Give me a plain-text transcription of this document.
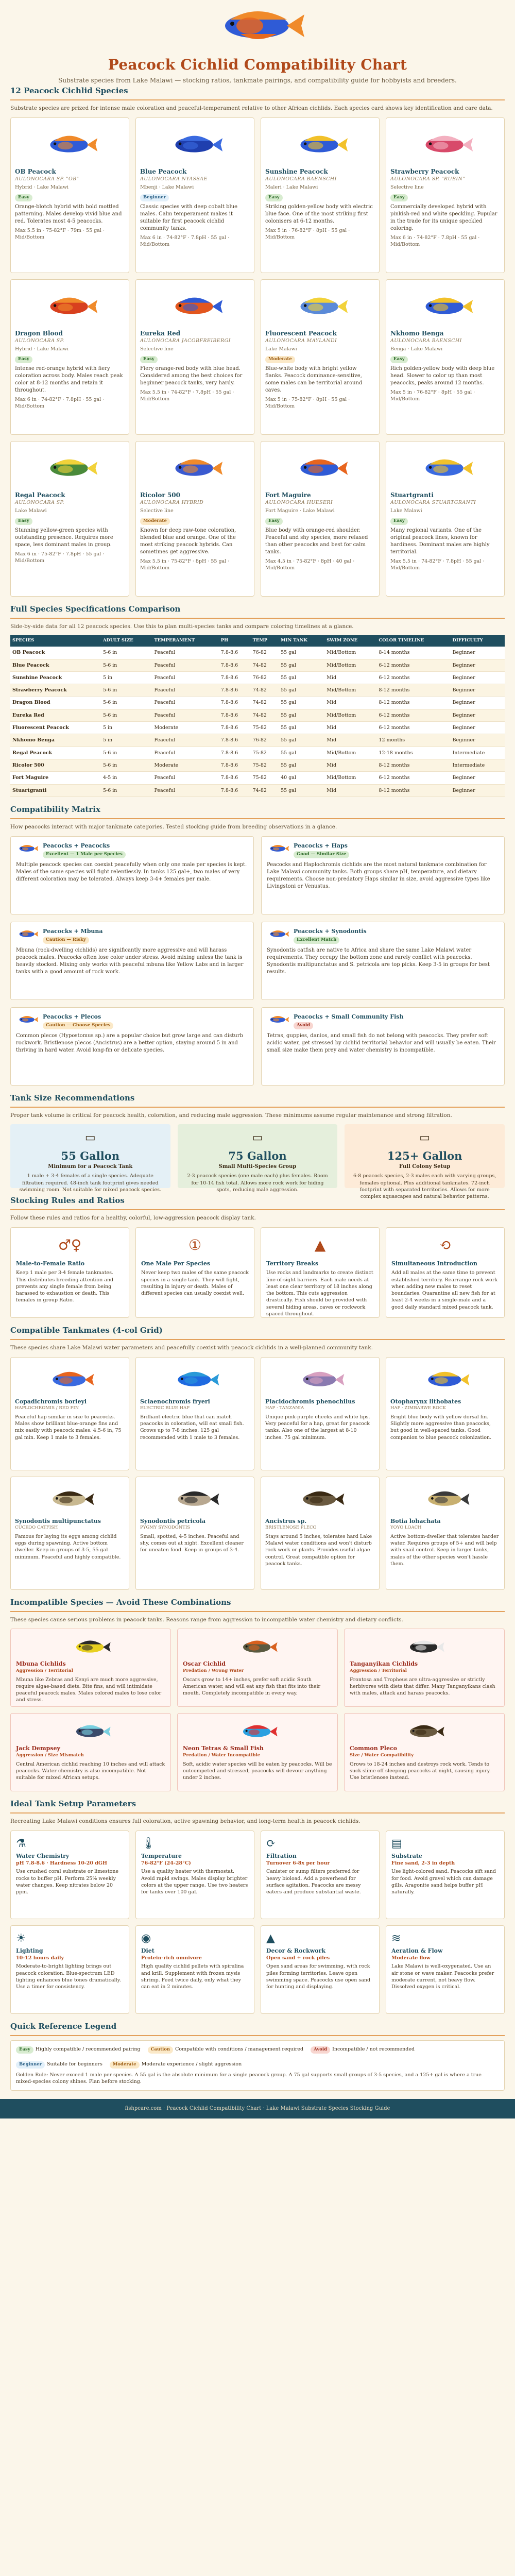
Peacock Cichlid Compatibility Chart

Substrate species from Lake Malawi — stocking ratios, tankmate pairings, and compatibility guide for hobbyists and breeders.

12 Peacock Cichlid Species

Substrate species are prized for intense male coloration and peaceful-temperament relative to other African cichlids. Each species card shows key identification and care data.

OB Peacock
AULONOCARA SP. "OB"
Hybrid · Lake Malawi
Easy

Orange-blotch hybrid with bold mottled patterning. Males develop vivid blue and red. Tolerates most 4-5 peacocks.

Max 5.5 in · 75-82°F · 79m · 55 gal · Mid/Bottom

Blue Peacock
AULONOCARA NYASSAE
Mbenji · Lake Malawi
Beginner

Classic species with deep cobalt blue males. Calm temperament makes it suitable for first peacock cichlid community tanks.

Max 6 in · 74-82°F · 7.8pH · 55 gal · Mid/Bottom

Sunshine Peacock
AULONOCARA BAENSCHI
Maleri · Lake Malawi
Easy

Striking golden-yellow body with electric blue face. One of the most striking first colonisers at 6-12 months.

Max 5 in · 76-82°F · 8pH · 55 gal · Mid/Bottom

Strawberry Peacock
AULONOCARA SP. "RUBIN"
Selective line
Easy

Commercially developed hybrid with pinkish-red and white speckling. Popular in the trade for its unique speckled coloring.

Max 6 in · 74-82°F · 7.8pH · 55 gal · Mid/Bottom

Dragon Blood
AULONOCARA SP.
Hybrid · Lake Malawi
Easy

Intense red-orange hybrid with fiery coloration across body. Males reach peak color at 8-12 months and retain it throughout.

Max 6 in · 74-82°F · 7.8pH · 55 gal · Mid/Bottom

Eureka Red
AULONOCARA JACOBFREIBERGI
Selective line
Easy

Fiery orange-red body with blue head. Considered among the best choices for beginner peacock tanks, very hardy.

Max 5.5 in · 74-82°F · 7.8pH · 55 gal · Mid/Bottom

Fluorescent Peacock
AULONOCARA MAYLANDI
Lake Malawi
Moderate

Blue-white body with bright yellow flanks. Peacock dominance-sensitive, some males can be territorial around caves.

Max 5 in · 75-82°F · 8pH · 55 gal · Mid/Bottom

Nkhomo Benga
AULONOCARA BAENSCHI
Benga · Lake Malawi
Easy

Rich golden-yellow body with deep blue head. Slower to color up than most peacocks, peaks around 12 months.

Max 5 in · 76-82°F · 8pH · 55 gal · Mid/Bottom

Regal Peacock
AULONOCARA SP.
Lake Malawi
Easy

Stunning yellow-green species with outstanding presence. Requires more space, less dominant males in group.

Max 6 in · 75-82°F · 7.8pH · 55 gal · Mid/Bottom

Ricolor 500
AULONOCARA HYBRID
Selective line
Moderate

Known for deep raw-tone coloration, blended blue and orange. One of the most striking peacock hybrids. Can sometimes get aggressive.

Max 5.5 in · 75-82°F · 8pH · 55 gal · Mid/Bottom

Fort Maguire
AULONOCARA HUESERI
Fort Maguire · Lake Malawi
Easy

Blue body with orange-red shoulder. Peaceful and shy species, more relaxed than other peacocks and best for calm tanks.

Max 4.5 in · 75-82°F · 8pH · 40 gal · Mid/Bottom

Stuartgranti
AULONOCARA STUARTGRANTI
Lake Malawi
Easy

Many regional variants. One of the original peacock lines, known for hardiness. Dominant males are highly territorial.

Max 5.5 in · 74-82°F · 7.8pH · 55 gal · Mid/Bottom

Full Species Specifications Comparison

Side-by-side data for all 12 peacock species. Use this to plan multi-species tanks and compare coloring timelines at a glance.

SPECIES	ADULT SIZE	TEMPERAMENT	PH	TEMP	MIN TANK	SWIM ZONE	COLOR TIMELINE	DIFFICULTY
OB Peacock	5-6 in	Peaceful	7.8-8.6	76-82	55 gal	Mid/Bottom	8-14 months	Beginner
Blue Peacock	5-6 in	Peaceful	7.8-8.6	74-82	55 gal	Mid/Bottom	6-12 months	Beginner
Sunshine Peacock	5 in	Peaceful	7.8-8.6	76-82	55 gal	Mid	6-12 months	Beginner
Strawberry Peacock	5-6 in	Peaceful	7.8-8.6	74-82	55 gal	Mid/Bottom	8-12 months	Beginner
Dragon Blood	5-6 in	Peaceful	7.8-8.6	74-82	55 gal	Mid	8-12 months	Beginner
Eureka Red	5-6 in	Peaceful	7.8-8.6	74-82	55 gal	Mid/Bottom	6-12 months	Beginner
Fluorescent Peacock	5 in	Moderate	7.8-8.6	75-82	55 gal	Mid	6-12 months	Beginner
Nkhomo Benga	5 in	Peaceful	7.8-8.6	76-82	55 gal	Mid	12 months	Beginner
Regal Peacock	5-6 in	Peaceful	7.8-8.6	75-82	55 gal	Mid/Bottom	12-18 months	Intermediate
Ricolor 500	5-6 in	Moderate	7.8-8.6	75-82	55 gal	Mid	8-12 months	Intermediate
Fort Maguire	4-5 in	Peaceful	7.8-8.6	75-82	40 gal	Mid/Bottom	6-12 months	Beginner
Stuartgranti	5-6 in	Peaceful	7.8-8.6	74-82	55 gal	Mid	8-12 months	Beginner
Compatibility Matrix

How peacocks interact with major tankmate categories. Tested stocking guide from breeding observations in a glance.

Peacocks + Peacocks
Excellent — 1 Male per Species

Multiple peacock species can coexist peacefully when only one male per species is kept. Males of the same species will fight relentlessly. In tanks 125 gal+, two males of very different coloration may be tolerated. Always keep 3-4+ females per male.

Peacocks + Haps
Good — Similar Size

Peacocks and Haplochromis cichlids are the most natural tankmate combination for Lake Malawi community tanks. Both groups share pH, temperature, and dietary requirements. Choose non-predatory Haps similar in size, avoid aggressive types like Livingstoni or Venustus.

Peacocks + Mbuna
Caution — Risky

Mbuna (rock-dwelling cichlids) are significantly more aggressive and will harass peacock males. Peacocks often lose color under stress. Avoid mixing unless the tank is heavily stocked. Mixing only works with peaceful mbuna like Yellow Labs and in larger tanks with a good amount of rock work.

Peacocks + Synodontis
Excellent Match

Synodontis catfish are native to Africa and share the same Lake Malawi water requirements. They occupy the bottom zone and rarely conflict with peacocks. Synodontis multipunctatus and S. petricola are top picks. Keep 3-5 in groups for best results.

Peacocks + Plecos
Caution — Choose Species

Common plecos (Hypostomus sp.) are a popular choice but grow large and can disturb rockwork. Bristlenose plecos (Ancistrus) are a better option, staying around 5 in and thriving in hard water. Avoid long-fin or delicate species.

Peacocks + Small Community Fish
Avoid

Tetras, guppies, danios, and small fish do not belong with peacocks. They prefer soft acidic water, get stressed by cichlid territorial behavior and will usually be eaten. Their small size make them prey and water chemistry is incompatible.

Tank Size Recommendations

Proper tank volume is critical for peacock health, coloration, and reducing male aggression. These minimums assume regular maintenance and strong filtration.

▭
55 Gallon
Minimum for a Peacock Tank

1 male + 3-4 females of a single species. Adequate filtration required. 48-inch tank footprint gives needed swimming room. Not suitable for mixed peacock species.

▭
75 Gallon
Small Multi-Species Group

2-3 peacock species (one male each) plus females. Room for 10-14 fish total. Allows more rock work for hiding spots, reducing male aggression.

▭
125+ Gallon
Full Colony Setup

6-8 peacock species, 2-3 males each with varying groups, females optional. Plus additional tankmates. 72-inch footprint with separated territories. Allows for more complex aquascapes and natural behavior patterns.

Stocking Rules and Ratios

Follow these rules and ratios for a healthy, colorful, low-aggression peacock display tank.

♂♀
Male-to-Female Ratio

Keep 1 male per 3-4 female tankmates. This distributes breeding attention and prevents any single female from being harassed to exhaustion or death. This females in group Ratio.

①
One Male Per Species

Never keep two males of the same peacock species in a single tank. They will fight, resulting in injury or death. Males of different species can usually coexist well.

▲
Territory Breaks

Use rocks and landmarks to create distinct line-of-sight barriers. Each male needs at least one clear territory of 18 inches along the bottom. This cuts aggression drastically. Fish should be provided with several hiding areas, caves or rockwork spaced throughout.

⟲
Simultaneous Introduction

Add all males at the same time to prevent established territory. Rearrange rock work when adding new males to reset boundaries. Quarantine all new fish for at least 2-4 weeks in a single-male and a good daily standard mixed peacock tank.

Compatible Tankmates (4-col Grid)

These species share Lake Malawi water parameters and peacefully coexist with peacock cichlids in a well-planned community tank.

Copadichromis borleyi
HAPLOCHROMIS / RED FIN

Peaceful hap similar in size to peacocks. Males show brilliant blue-orange fins and mix easily with peacock males. 4.5-6 in, 75 gal min. Keep 1 male to 3 females.

Sciaenochromis fryeri
ELECTRIC BLUE HAP

Brilliant electric blue that can match peacocks in coloration, will eat small fish. Grows up to 7-8 inches. 125 gal recommended with 1 male to 3 females.

Placidochromis phenochilus
HAP · TANZANIA

Unique pink-purple cheeks and white lips. Very peaceful for a hap, great for peacock tanks. Also one of the largest at 8-10 inches. 75 gal minimum.

Otopharynx lithobates
HAP · ZIMBABWE ROCK

Bright blue body with yellow dorsal fin. Slightly more aggressive than peacocks, but good in well-spaced tanks. Good companion to blue peacock colonization.

Synodontis multipunctatus
CUCKOO CATFISH

Famous for laying its eggs among cichlid eggs during spawning. Active bottom dweller. Keep in groups of 3-5, 55 gal minimum. Peaceful and highly compatible.

Synodontis petricola
PYGMY SYNODONTIS

Small, spotted, 4-5 inches. Peaceful and shy, comes out at night. Excellent cleaner for uneaten food. Keep in groups of 3-4.

Ancistrus sp.
BRISTLENOSE PLECO

Stays around 5 inches, tolerates hard Lake Malawi water conditions and won't disturb rock work or plants. Provides useful algae control. Great compatible option for peacock tanks.

Botia lohachata
YOYO LOACH

Active bottom-dweller that tolerates harder water. Requires groups of 5+ and will help with snail control. Keep in larger tanks, males of the other species won't hassle them.

Incompatible Species — Avoid These Combinations

These species cause serious problems in peacock tanks. Reasons range from aggression to incompatible water chemistry and dietary conflicts.

Mbuna Cichlids
Aggression / Territorial

Mbuna like Zebras and Kenyi are much more aggressive, require algae-based diets. Bite fins, and will intimidate peaceful peacock males. Males colored males to lose color and stress.

Oscar Cichlid
Predation / Wrong Water

Oscars grow to 14+ inches, prefer soft acidic South American water, and will eat any fish that fits into their mouth. Completely incompatible in every way.

Tanganyikan Cichlids
Aggression / Territorial

Frontosa and Tropheus are ultra-aggressive or strictly herbivores with diets that differ. Many Tanganyikans clash with males, attack and harass peacocks.

Jack Dempsey
Aggression / Size Mismatch

Central American cichlid reaching 10 inches and will attack peacocks. Water chemistry is also incompatible. Not suitable for mixed African setups.

Neon Tetras & Small Fish
Predation / Water Incompatible

Soft, acidic water species will be eaten by peacocks. Will be outcompeted and stressed, peacocks will devour anything under 2 inches.

Common Pleco
Size / Water Compatibility

Grows to 18-24 inches and destroys rock work. Tends to suck slime off sleeping peacocks at night, causing injury. Use bristlenose instead.

Ideal Tank Setup Parameters

Recreating Lake Malawi conditions ensures full coloration, active spawning behavior, and long-term health in peacock cichlids.

⚗
Water Chemistry
pH 7.8-8.6 · Hardness 10-20 dGH

Use crushed coral substrate or limestone rocks to buffer pH. Perform 25% weekly water changes. Keep nitrates below 20 ppm.

🌡
Temperature
76-82°F (24-28°C)

Use a quality heater with thermostat. Avoid rapid swings. Males display brighter colors at the upper range. Use two heaters for tanks over 100 gal.

⟳
Filtration
Turnover 6-8x per hour

Canister or sump filters preferred for heavy bioload. Add a powerhead for surface agitation. Peacocks are messy eaters and produce substantial waste.

▤
Substrate
Fine sand, 2-3 in depth

Use light-colored sand. Peacocks sift sand for food. Avoid gravel which can damage gills. Aragonite sand helps buffer pH naturally.

☀
Lighting
10-12 hours daily

Moderate-to-bright lighting brings out peacock coloration. Blue-spectrum LED lighting enhances blue tones dramatically. Use a timer for consistency.

◉
Diet
Protein-rich omnivore

High quality cichlid pellets with spirulina and krill. Supplement with frozen mysis shrimp. Feed twice daily, only what they can eat in 2 minutes.

▲
Decor & Rockwork
Open sand + rock piles

Open sand areas for swimming, with rock piles forming territories. Leave open swimming space. Peacocks use open sand for hunting and displaying.

≋
Aeration & Flow
Moderate flow

Lake Malawi is well-oxygenated. Use an air stone or wave maker. Peacocks prefer moderate current, not heavy flow. Dissolved oxygen is critical.

Quick Reference Legend
Easy Highly compatible / recommended pairing	Caution Compatible with conditions / management required	Avoid Incompatible / not recommended
Beginner Suitable for beginners	Moderate Moderate experience / slight aggression

Golden Rule: Never exceed 1 male per species. A 55 gal is the absolute minimum for a single peacock group. A 75 gal supports small groups of 3-5 species, and a 125+ gal is where a true mixed-species colony shines. Plan before stocking.

fishpcare.com · Peacock Cichlid Compatibility Chart · Lake Malawi Substrate Species Stocking Guide
